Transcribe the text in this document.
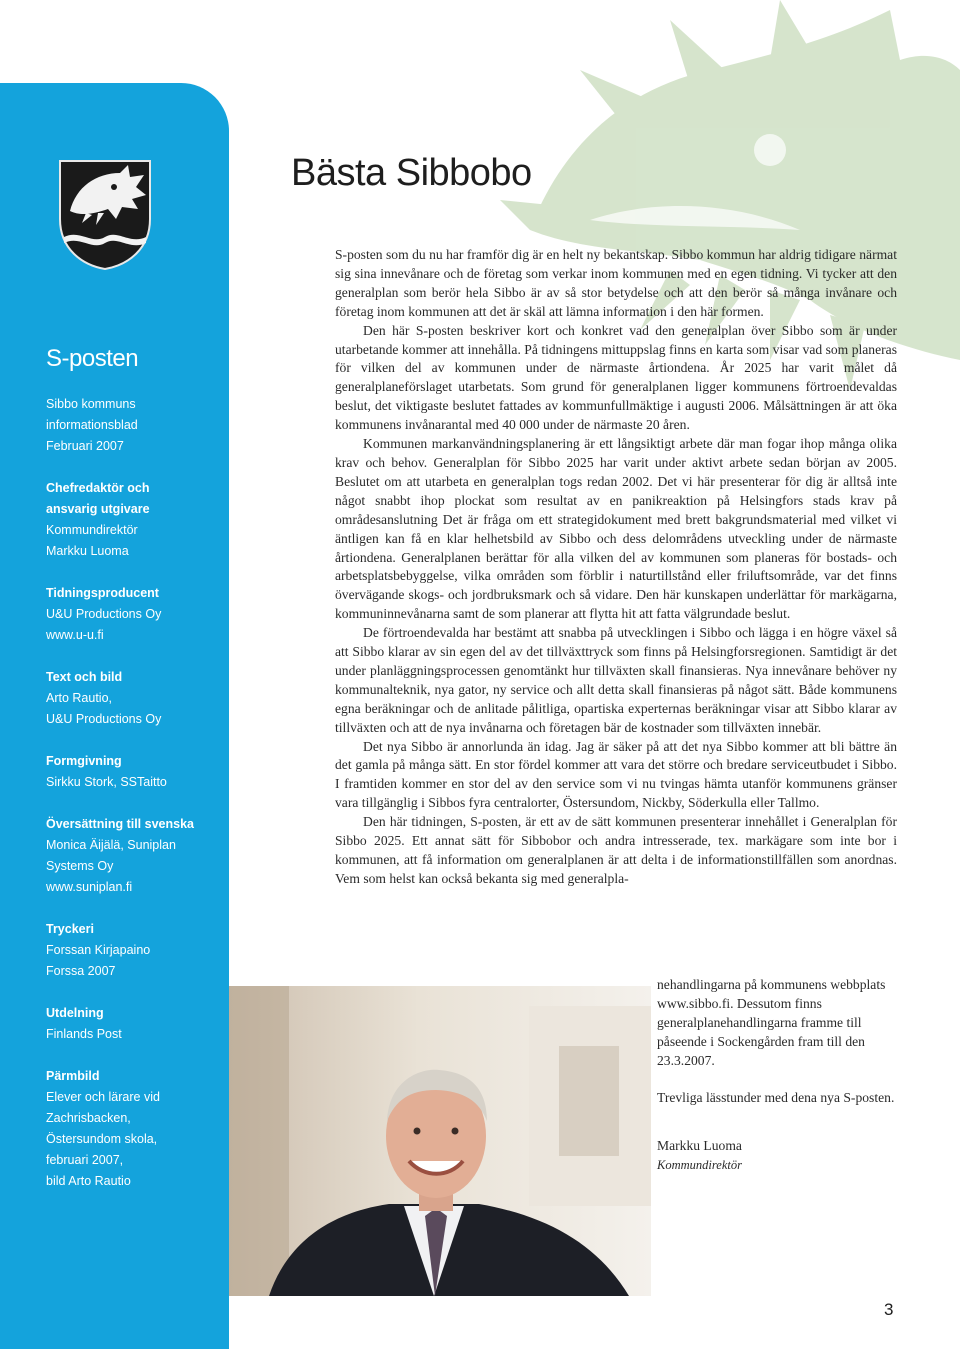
S-posten
Sibbo kommuns
informationsblad
Februari 2007
Chefredaktör och
ansvarig utgivare
Kommundirektör
Markku Luoma
Tidningsproducent
U&U Productions Oy
www.u-u.fi
Text och bild
Arto Rautio,
U&U Productions Oy
Formgivning
Sirkku Stork, SSTaitto
Översättning till svenska
Monica Äijälä, Suniplan
Systems Oy
www.suniplan.fi
Tryckeri
Forssan Kirjapaino
Forssa 2007
Utdelning
Finlands Post
Pärmbild
Elever och lärare vid
Zachrisbacken,
Östersundom skola,
februari 2007,
bild Arto Rautio
Bästa Sibbobo

S-posten som du nu har framför dig är en helt ny bekantskap. Sibbo kommun har aldrig tidigare närmat sig sina innevånare och de företag som verkar inom kommunen med en egen tidning. Vi tycker att den generalplan som berör hela Sibbo är av så stor betydelse och att den berör så många invånare och företag inom kommunen att det är skäl att lämna information i den här formen.

Den här S-posten beskriver kort och konkret vad den generalplan över Sibbo som är under utarbetande kommer att innehålla. På tidningens mittuppslag finns en karta som visar vad som planeras för vilken del av kommunen under de närmaste årtiondena. År 2025 har varit målet då generalplaneförslaget utarbetats. Som grund för generalplanen ligger kommunens förtroendevaldas beslut, det viktigaste beslutet fattades av kommunfullmäktige i augusti 2006. Målsättningen är att öka kommunens invånarantal med 40 000 under de närmaste 20 åren.

Kommunen markanvändningsplanering är ett långsiktigt arbete där man fogar ihop många olika krav och behov. Generalplan för Sibbo 2025 har varit under aktivt arbete sedan början av 2005. Beslutet om att utarbeta en generalplan togs redan 2002. Det vi här presenterar för dig är alltså inte något snabbt ihop plockat som resultat av en panikreaktion på Helsingfors stads krav på områdesanslutning Det är fråga om ett strategidokument med brett bakgrundsmaterial med vilket vi äntligen kan få en klar helhetsbild av Sibbo och dess delområdens utveckling under de närmaste årtiondena. Generalplanen berättar för alla vilken del av kommunen som planeras för bostads- och arbetsplatsbebyggelse, vilka områden som förblir i naturtillstånd eller friluftsområde, var det finns övervägande skogs- och jordbruksmark och så vidare. Den här kunskapen underlättar för markägarna, kommuninnevånarna samt de som planerar att flytta hit att fatta välgrundade beslut.

De förtroendevalda har bestämt att snabba på utvecklingen i Sibbo och lägga i en högre växel så att Sibbo klarar av sin egen del av det tillväxttryck som finns på Helsingforsregionen. Samtidigt är det under planläggningsprocessen genomtänkt hur tillväxten skall finansieras. Nya innevånare behöver ny kommunalteknik, nya gator, ny service och allt detta skall finansieras på något sätt. Både kommunens egna beräkningar och de anlitade pålitliga, opartiska experternas beräkningar visar att Sibbo klarar av tillväxten och att de nya invånarna och företagen bär de kostnader som tillväxten innebär.

Det nya Sibbo är annorlunda än idag. Jag är säker på att det nya Sibbo kommer att bli bättre än det gamla på många sätt. En stor fördel kommer att vara det större och bredare serviceutbudet i Sibbo. I framtiden kommer en stor del av den service som vi nu tvingas hämta utanför kommunens gränser vara tillgänglig i Sibbos fyra centralorter, Östersundom, Nickby, Söderkulla eller Tallmo.

Den här tidningen, S-posten, är ett av de sätt kommunen presenterar innehållet i Generalplan för Sibbo 2025. Ett annat sätt för Sibbobor och andra intresserade, tex. markägare som inte bor i kommunen, att få information om generalplanen är att delta i de informationstillfällen som anordnas. Vem som helst kan också bekanta sig med generalpla-

nehandlingarna på kommunens webbplats www.sibbo.fi. Dessutom finns generalplanehandlingarna framme till påseende i Sockengården fram till den 23.3.2007.

Trevliga lässtunder med dena nya S-posten.

Markku Luoma

Kommundirektör

3
